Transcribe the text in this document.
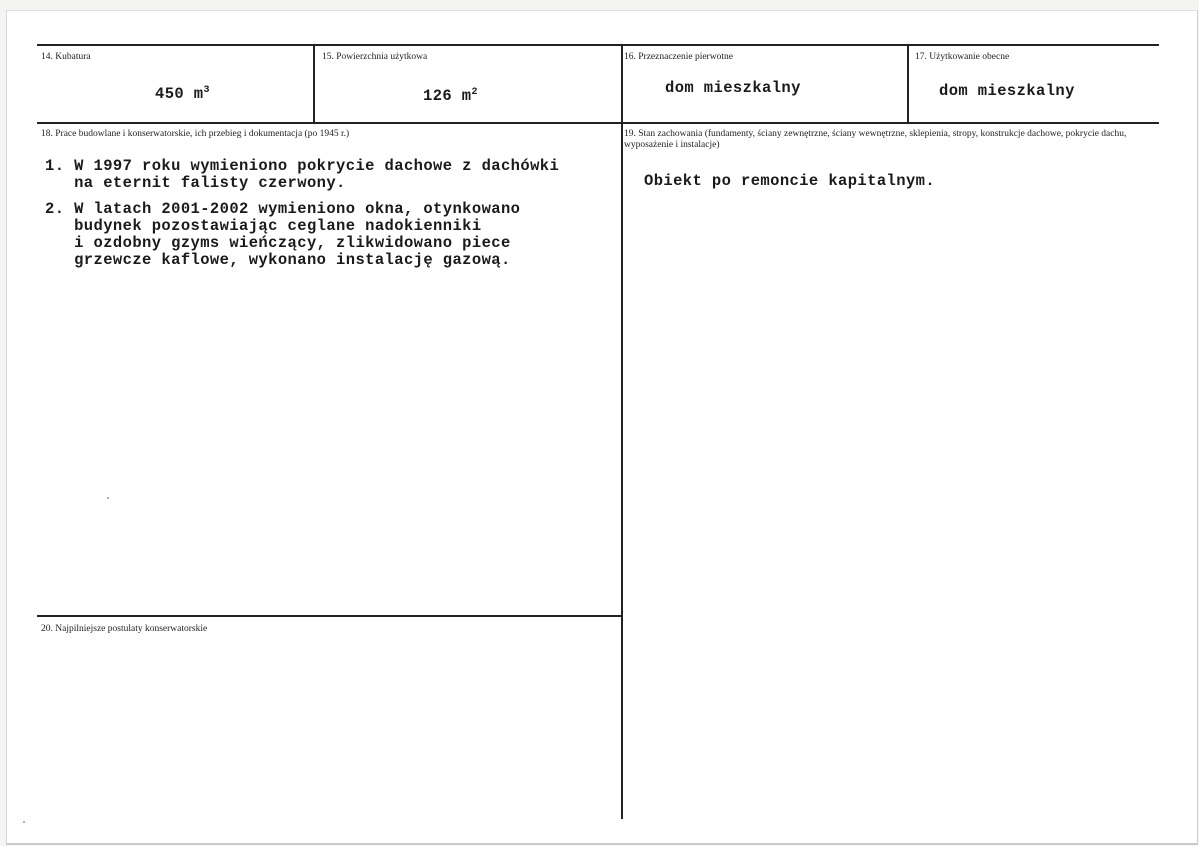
14. Kubatura
450 $m^3$
15. Powierzchnia użytkowa
126 $m^2$
16. Przeznaczenie pierwotne
dom mieszkalny
17. Użytkowanie obecne
dom mieszkalny
18. Prace budowlane i konserwatorskie, ich przebieg i dokumentacja (po 1945 r.)
1. W 1997 roku wymieniono pokrycie dachowe z dachówki
na eternit falisty czerwony.
2. W latach 2001-2002 wymieniono okna, otynkowano
budynek pozostawiając ceglane nadokienniki
i ozdobny gzyms wieńczący, zlikwidowano piece
grzewcze kaflowe, wykonano instalację gazową.
19. Stan zachowania (fundamenty, ściany zewnętrzne, ściany wewnętrzne, sklepienia, stropy, konstrukcje dachowe, pokrycie dachu, wyposażenie i instalacje)
Obiekt po remoncie kapitalnym.
20. Najpilniejsze postulaty konserwatorskie
